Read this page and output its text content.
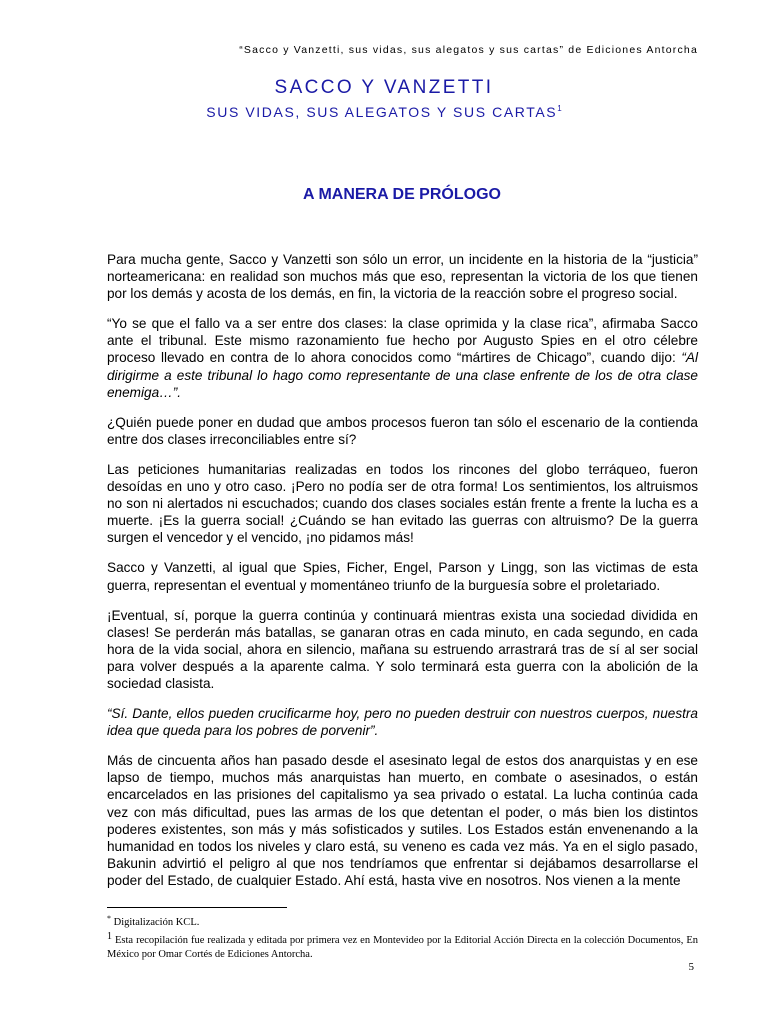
“Sacco y Vanzetti, sus vidas, sus alegatos y sus cartas” de Ediciones Antorcha
SACCO Y VANZETTI
SUS VIDAS, SUS ALEGATOS Y SUS CARTAS$^1$
A MANERA DE PRÓLOGO

Para mucha gente, Sacco y Vanzetti son sólo un error, un incidente en la historia de la “justicia” norteamericana: en realidad son muchos más que eso, representan la victoria de los que tienen por los demás y acosta de los demás, en fin, la victoria de la reacción sobre el progreso social.

“Yo se que el fallo va a ser entre dos clases: la clase oprimida y la clase rica”, afirmaba Sacco ante el tribunal. Este mismo razonamiento fue hecho por Augusto Spies en el otro célebre proceso llevado en contra de lo ahora conocidos como “mártires de Chicago”, cuando dijo: “Al dirigirme a este tribunal lo hago como representante de una clase enfrente de los de otra clase enemiga…”.

¿Quién puede poner en dudad que ambos procesos fueron tan sólo el escenario de la contienda entre dos clases irreconciliables entre sí?

Las peticiones humanitarias realizadas en todos los rincones del globo terráqueo, fueron desoídas en uno y otro caso. ¡Pero no podía ser de otra forma! Los sentimientos, los altruismos no son ni alertados ni escuchados; cuando dos clases sociales están frente a frente la lucha es a muerte. ¡Es la guerra social! ¿Cuándo se han evitado las guerras con altruismo? De la guerra surgen el vencedor y el vencido, ¡no pidamos más!

Sacco y Vanzetti, al igual que Spies, Ficher, Engel, Parson y Lingg, son las victimas de esta guerra, representan el eventual y momentáneo triunfo de la burguesía sobre el proletariado.

¡Eventual, sí, porque la guerra continúa y continuará mientras exista una sociedad dividida en clases! Se perderán más batallas, se ganaran otras en cada minuto, en cada segundo, en cada hora de la vida social, ahora en silencio, mañana su estruendo arrastrará tras de sí al ser social para volver después a la aparente calma. Y solo terminará esta guerra con la abolición de la sociedad clasista.

“Sí. Dante, ellos pueden crucificarme hoy, pero no pueden destruir con nuestros cuerpos, nuestra idea que queda para los pobres de porvenir”.

Más de cincuenta años han pasado desde el asesinato legal de estos dos anarquistas y en ese lapso de tiempo, muchos más anarquistas han muerto, en combate o asesinados, o están encarcelados en las prisiones del capitalismo ya sea privado o estatal. La lucha continúa cada vez con más dificultad, pues las armas de los que detentan el poder, o más bien los distintos poderes existentes, son más y más sofisticados y sutiles. Los Estados están envenenando a la humanidad en todos los niveles y claro está, su veneno es cada vez más. Ya en el siglo pasado, Bakunin advirtió el peligro al que nos tendríamos que enfrentar si dejábamos desarrollarse el poder del Estado, de cualquier Estado. Ahí está, hasta vive en nosotros. Nos vienen a la mente

* Digitalización KCL.

$^1$ Esta recopilación fue realizada y editada por primera vez en Montevideo por la Editorial Acción Directa en la colección Documentos, En México por Omar Cortés de Ediciones Antorcha.

5
